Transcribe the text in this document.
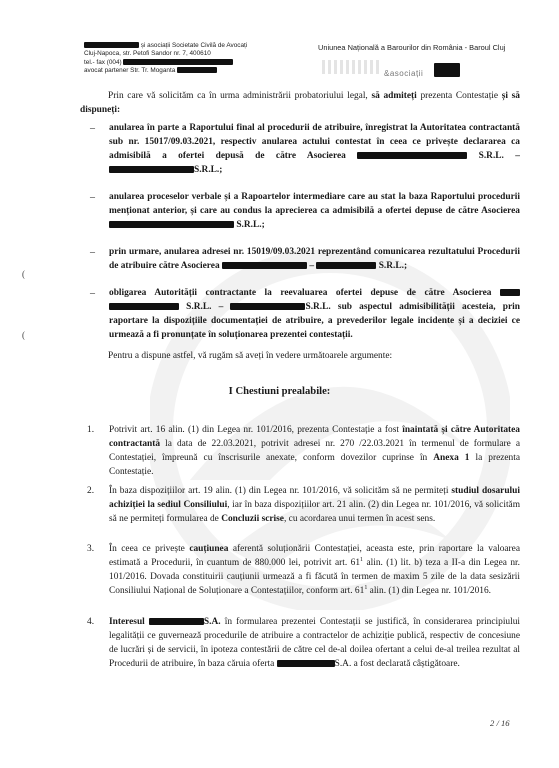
și asociații Societate Civilă de Avocați
Cluj-Napoca, str. Petofi Sandor nr. 7, 400610
tel.- fax (004)
avocat partener Str. Tr. Moganta
Uniunea Națională a Barourilor din România - Baroul Cluj
&asociații
Prin care vă solicităm ca în urma administrării probatoriului legal, să admiteți prezenta Contestație și să dispuneți:
– anularea în parte a Raportului final al procedurii de atribuire, înregistrat la Autoritatea contractantă sub nr. 15017/09.03.2021, respectiv anularea actului contestat în ceea ce privește declararea ca admisibilă a ofertei depusă de către Asocierea	S.R.L. – S.R.L.;
– anularea proceselor verbale și a Rapoartelor intermediare care au stat la baza Raportului procedurii menționat anterior, și care au condus la aprecierea ca admisibilă a ofertei depuse de către Asocierea  S.R.L.;
– prin urmare, anularea adresei nr. 15019/09.03.2021 reprezentând comunicarea rezultatului Procedurii de atribuire către Asocierea	–	S.R.L.;
– obligarea Autorității contractante la reevaluarea ofertei depuse de către Asocierea   S.R.L. –	S.R.L. sub aspectul admisibilității acesteia, prin raportare la dispozițiile documentației de atribuire, a prevederilor legale incidente și a deciziei ce urmează a fi pronunțate în soluționarea prezentei contestații.
(
(
Pentru a dispune astfel, vă rugăm să aveți în vedere următoarele argumente:
I Chestiuni prealabile:
1. Potrivit art. 16 alin. (1) din Legea nr. 101/2016, prezenta Contestație a fost înaintată și către Autoritatea contractantă la data de 22.03.2021, potrivit adresei nr. 270 /22.03.2021 în termenul de formulare a Contestației, împreună cu înscrisurile anexate, conform dovezilor cuprinse în Anexa 1 la prezenta Contestație.
2. În baza dispozițiilor art. 19 alin. (1) din Legea nr. 101/2016, vă solicităm să ne permiteți studiul dosarului achiziției la sediul Consiliului, iar în baza dispozițiilor art. 21 alin. (2) din Legea nr. 101/2016, vă solicităm să ne permiteți formularea de Concluzii scrise, cu acordarea unui termen în acest sens.
3. În ceea ce privește cauțiunea aferentă soluționării Contestației, aceasta este, prin raportare la valoarea estimată a Procedurii, în cuantum de 880.000 lei, potrivit art. $61^1$ alin. (1) lit. b) teza a II-a din Legea nr. 101/2016. Dovada constituirii cauțiunii urmează a fi făcută în termen de maxim 5 zile de la data sesizării Consiliului Național de Soluționare a Contestațiilor, conform art. $61^1$ alin. (1) din Legea nr. 101/2016.
4. Interesul	S.A. în formularea prezentei Contestații se justifică, în considerarea principiului legalității ce guvernează procedurile de atribuire a contractelor de achiziție publică, respectiv de concesiune de lucrări și de servicii, în ipoteza contestării de către cel de-al doilea ofertant a celui de-al treilea rezultat al Procedurii de atribuire, în baza căruia oferta	S.A. a fost declarată câștigătoare.
2 / 16
